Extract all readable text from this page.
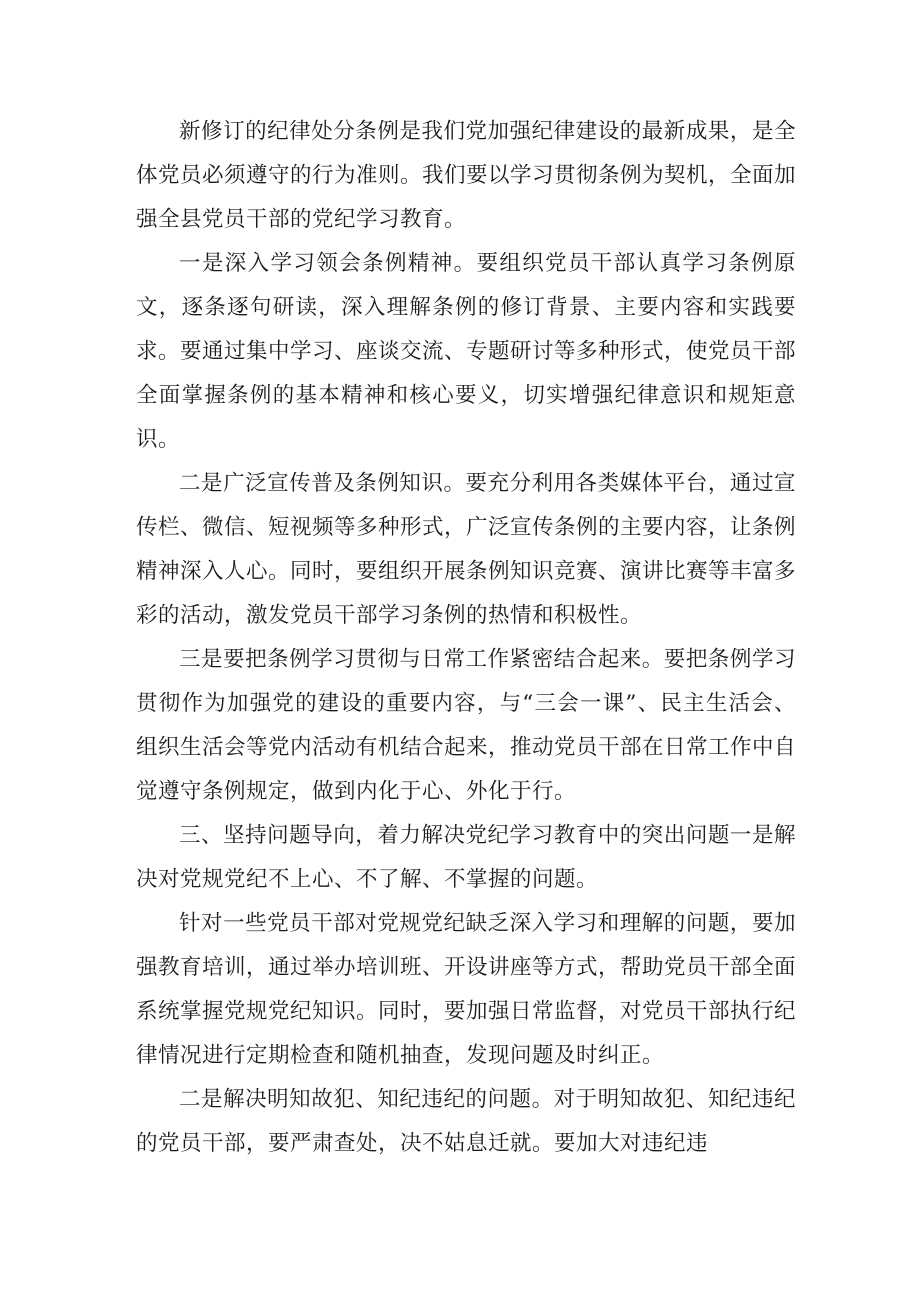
新修订的纪律处分条例是我们党加强纪律建设的最新成果，是全体党员必须遵守的行为准则。我们要以学习贯彻条例为契机，全面加强全县党员干部的党纪学习教育。

一是深入学习领会条例精神。要组织党员干部认真学习条例原文，逐条逐句研读，深入理解条例的修订背景、主要内容和实践要求。要通过集中学习、座谈交流、专题研讨等多种形式，使党员干部全面掌握条例的基本精神和核心要义，切实增强纪律意识和规矩意识。

二是广泛宣传普及条例知识。要充分利用各类媒体平台，通过宣传栏、微信、短视频等多种形式，广泛宣传条例的主要内容，让条例精神深入人心。同时，要组织开展条例知识竞赛、演讲比赛等丰富多彩的活动，激发党员干部学习条例的热情和积极性。

三是要把条例学习贯彻与日常工作紧密结合起来。要把条例学习贯彻作为加强党的建设的重要内容，与“三会一课”、民主生活会、组织生活会等党内活动有机结合起来，推动党员干部在日常工作中自觉遵守条例规定，做到内化于心、外化于行。

三、坚持问题导向，着力解决党纪学习教育中的突出问题一是解决对党规党纪不上心、不了解、不掌握的问题。

针对一些党员干部对党规党纪缺乏深入学习和理解的问题，要加强教育培训，通过举办培训班、开设讲座等方式，帮助党员干部全面系统掌握党规党纪知识。同时，要加强日常监督，对党员干部执行纪律情况进行定期检查和随机抽查，发现问题及时纠正。

二是解决明知故犯、知纪违纪的问题。对于明知故犯、知纪违纪的党员干部，要严肃查处，决不姑息迁就。要加大对违纪违
